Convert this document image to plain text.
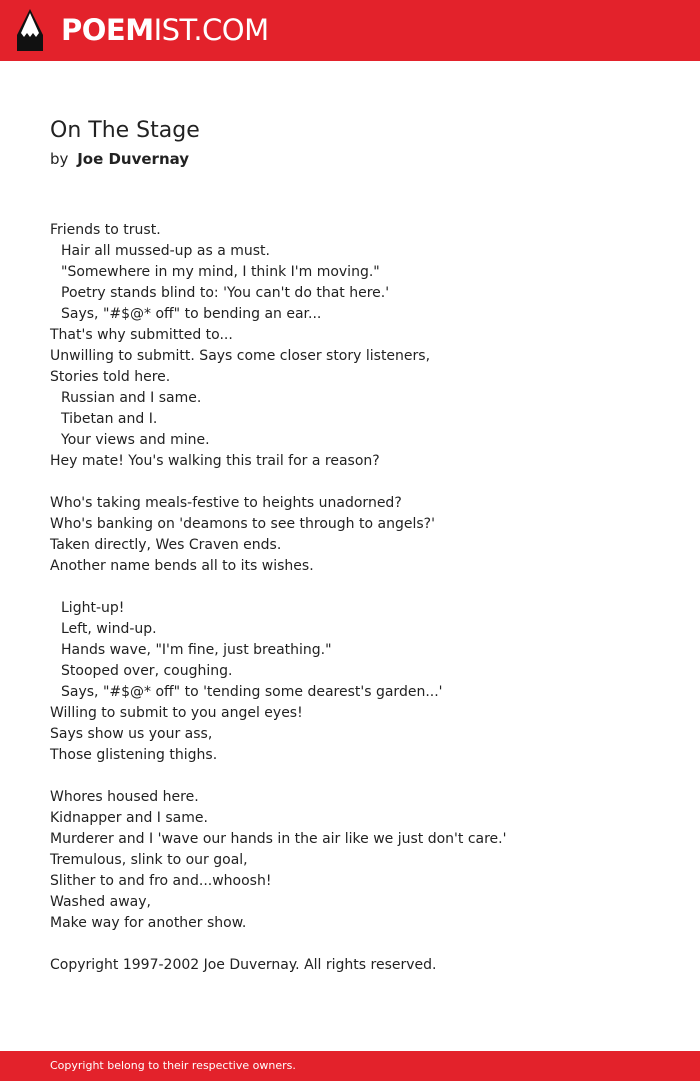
POEMIST.COM
On The Stage
by Joe Duvernay
Friends to trust.
Hair all mussed-up as a must.
"Somewhere in my mind, I think I'm moving."
Poetry stands blind to: 'You can't do that here.'
Says, "#$@* off" to bending an ear...
That's why submitted to...
Unwilling to submitt. Says come closer story listeners,
Stories told here.
Russian and I same.
Tibetan and I.
Your views and mine.
Hey mate! You's walking this trail for a reason?
Who's taking meals-festive to heights unadorned?
Who's banking on 'deamons to see through to angels?'
Taken directly, Wes Craven ends.
Another name bends all to its wishes.
Light-up!
Left, wind-up.
Hands wave, "I'm fine, just breathing."
Stooped over, coughing.
Says, "#$@* off" to 'tending some dearest's garden...'
Willing to submit to you angel eyes!
Says show us your ass,
Those glistening thighs.
Whores housed here.
Kidnapper and I same.
Murderer and I 'wave our hands in the air like we just don't care.'
Tremulous, slink to our goal,
Slither to and fro and...whoosh!
Washed away,
Make way for another show.
Copyright 1997-2002 Joe Duvernay. All rights reserved.
Copyright belong to their respective owners.
